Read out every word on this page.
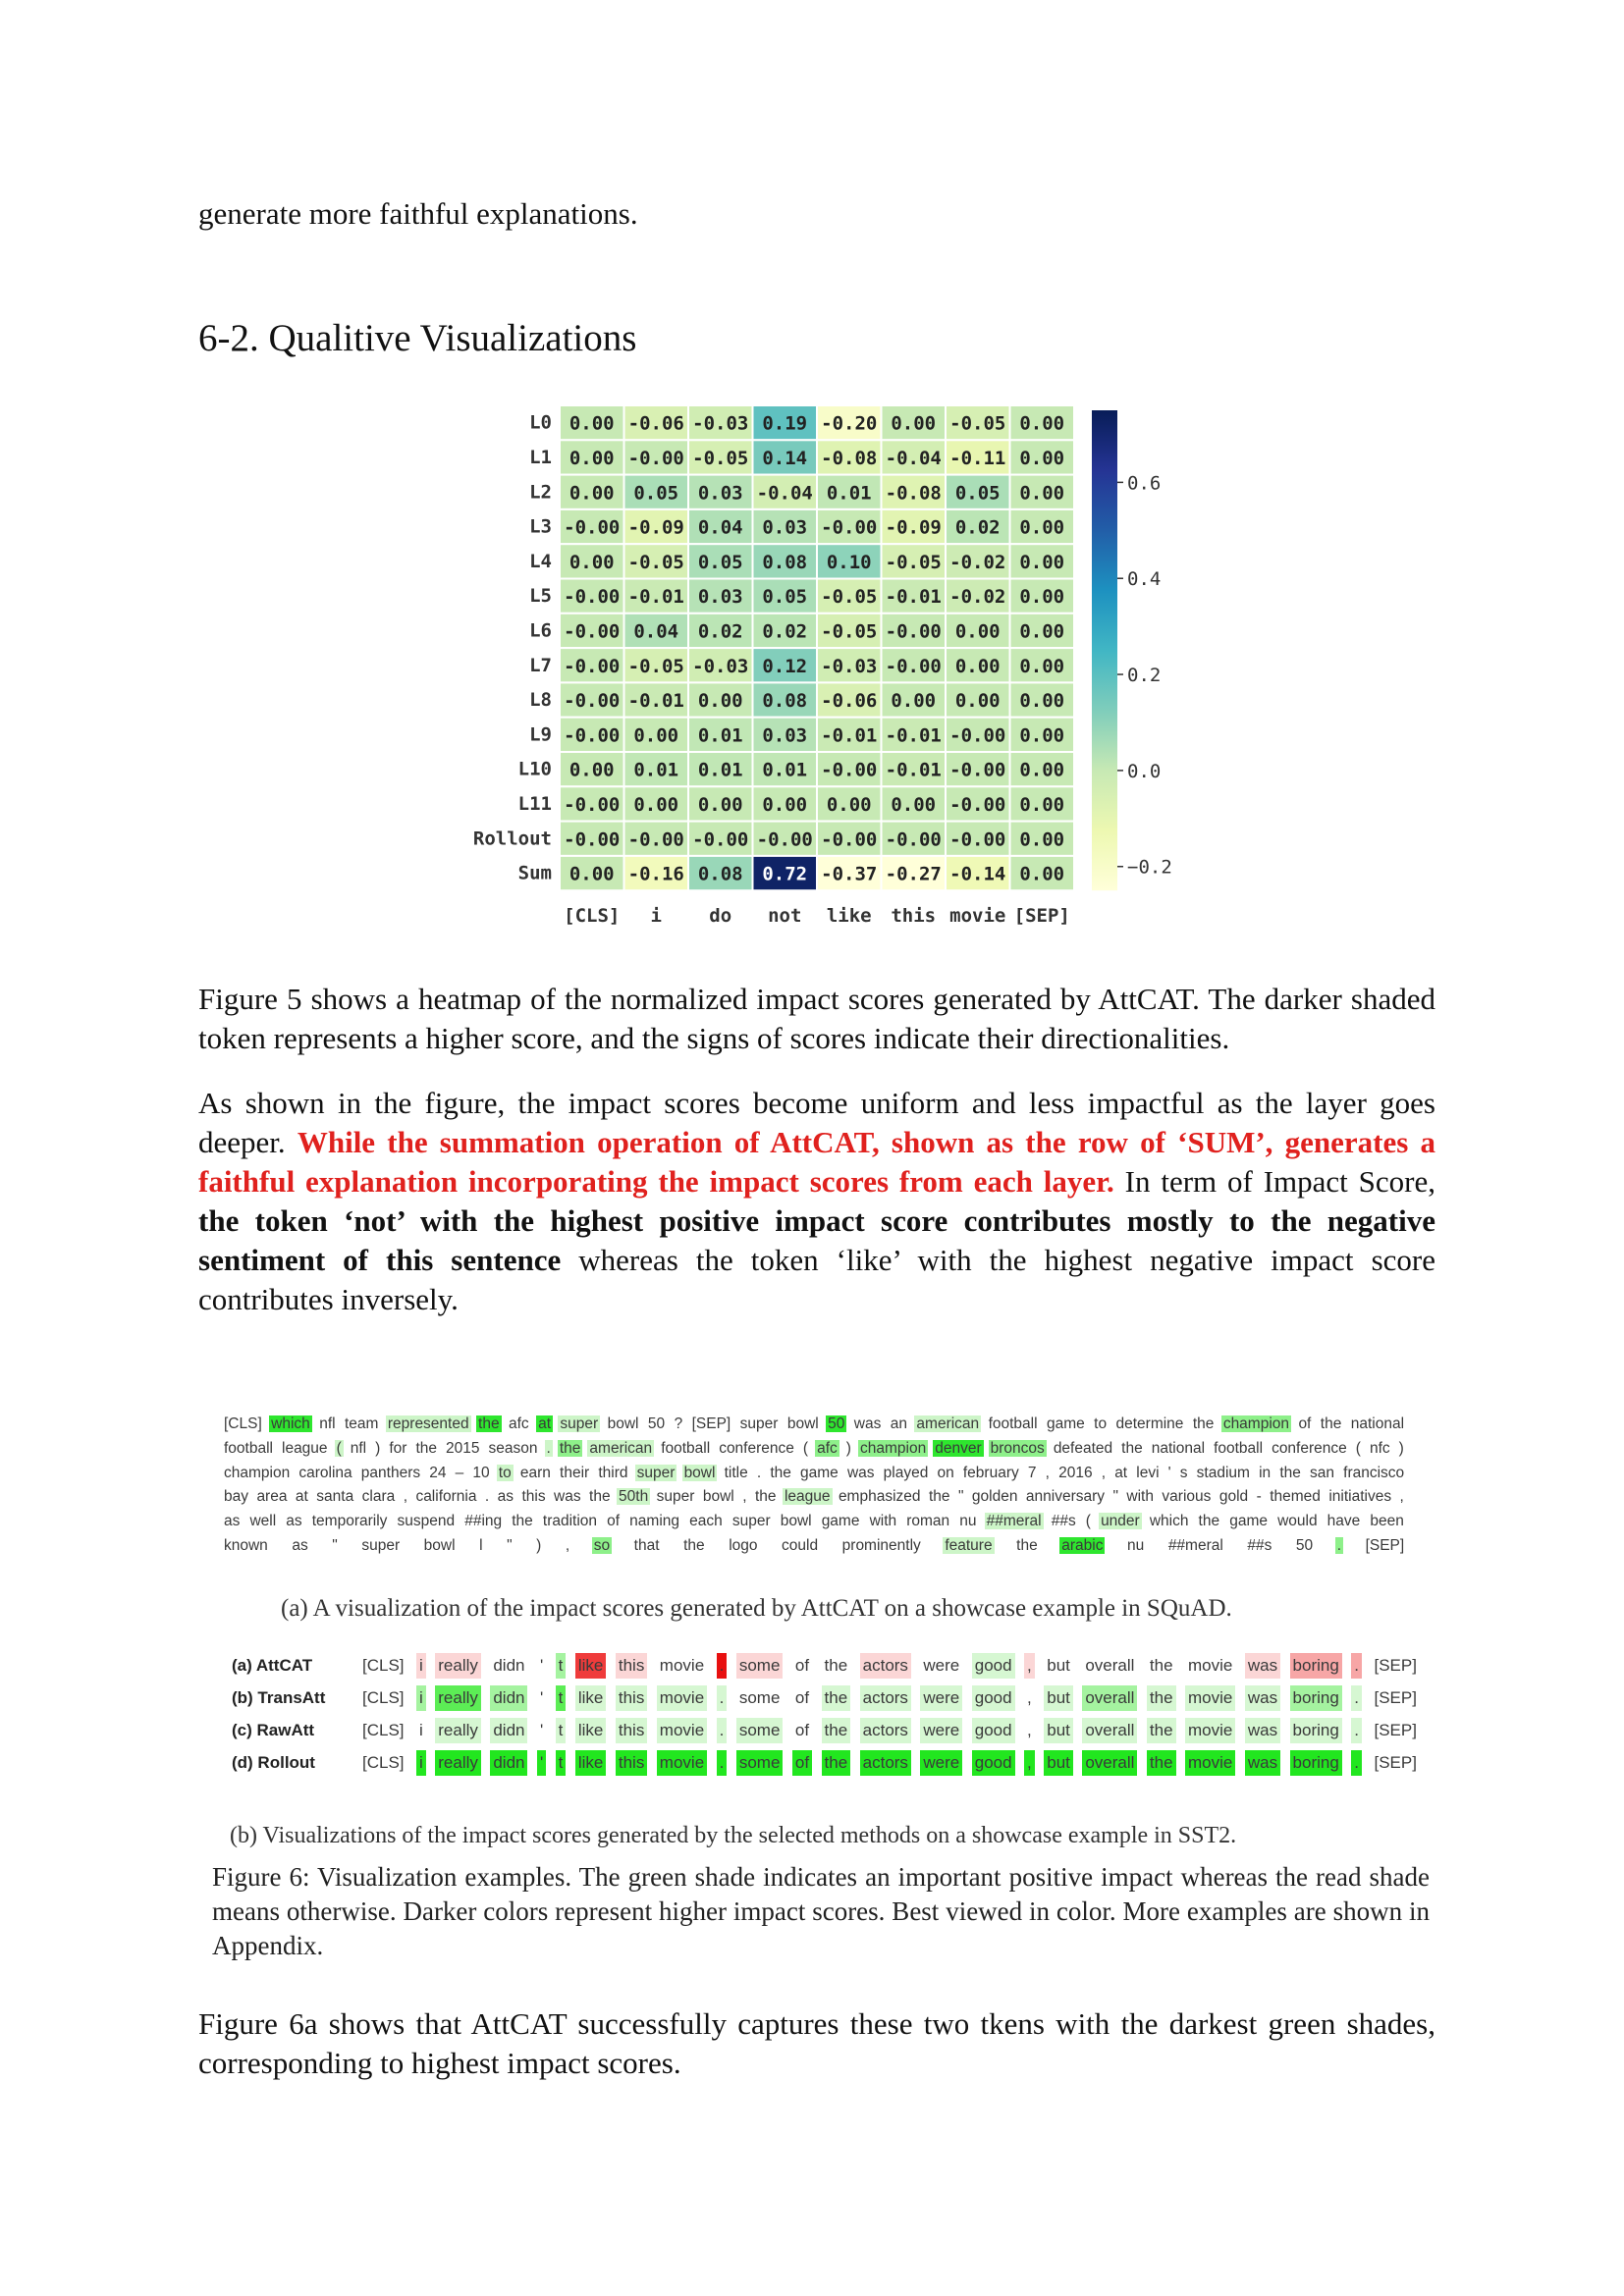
generate more faithful explanations.
6-2. Qualitive Visualizations
L0 0.00 -0.06 -0.03 0.19 -0.20 0.00 -0.05 0.00
L1 0.00 -0.00 -0.05 0.14 -0.08 -0.04 -0.11 0.00
L2 0.00 0.05 0.03 -0.04 0.01 -0.08 0.05 0.00
L3 -0.00 -0.09 0.04 0.03 -0.00 -0.09 0.02 0.00
L4 0.00 -0.05 0.05 0.08 0.10 -0.05 -0.02 0.00
L5 -0.00 -0.01 0.03 0.05 -0.05 -0.01 -0.02 0.00
L6 -0.00 0.04 0.02 0.02 -0.05 -0.00 0.00 0.00
L7 -0.00 -0.05 -0.03 0.12 -0.03 -0.00 0.00 0.00
L8 -0.00 -0.01 0.00 0.08 -0.06 0.00 0.00 0.00
L9 -0.00 0.00 0.01 0.03 -0.01 -0.01 -0.00 0.00
L10 0.00 0.01 0.01 0.01 -0.00 -0.01 -0.00 0.00
L11 -0.00 0.00 0.00 0.00 0.00 0.00 -0.00 0.00
Rollout -0.00 -0.00 -0.00 -0.00 -0.00 -0.00 -0.00 0.00
Sum 0.00 -0.16 0.08 0.72 -0.37 -0.27 -0.14 0.00
[CLS] i	do not like this movie [SEP]
0.6
0.4
0.2
0.0
−0.2
Figure 5 shows a heatmap of the normalized impact scores generated by AttCAT. The darker shaded token represents a higher score, and the signs of scores indicate their directionalities.
As shown in the figure, the impact scores become uniform and less impactful as the layer goes deeper. While the summation operation of AttCAT, shown as the row of ‘SUM’, generates a faithful explanation incorporating the impact scores from each layer. In term of Impact Score, the token ‘not’ with the highest positive impact score contributes mostly to the negative sentiment of this sentence whereas the token ‘like’ with the highest negative impact score contributes inversely.
[CLS] which nfl team represented the afc at super bowl 50 ? [SEP] super bowl 50 was an american football game to determine the champion of the national football league ( nfl ) for the 2015 season . the american football conference ( afc ) champion denver broncos defeated the national football conference ( nfc ) champion carolina panthers 24 – 10 to earn their third super bowl title . the game was played on february 7 , 2016 , at levi ' s stadium in the san francisco bay area at santa clara , california . as this was the 50th super bowl , the league emphasized the " golden anniversary " with various gold - themed initiatives , as well as temporarily suspend ##ing the tradition of naming each super bowl game with roman nu ##meral ##s ( under which the game would have been known as " super bowl l " ) , so that the logo could prominently feature the arabic nu ##meral ##s 50 . [SEP]
(a) A visualization of the impact scores generated by AttCAT on a showcase example in SQuAD.
(a) AttCAT	[CLS] i really didn ' t like this movie . some of the actors were good , but overall the movie was boring . [SEP]
(b) TransAtt	[CLS] i really didn ' t like this movie . some of the actors were good , but overall the movie was boring . [SEP]
(c) RawAtt	[CLS] i really didn ' t like this movie . some of the actors were good , but overall the movie was boring . [SEP]
(d) Rollout	[CLS] i really didn ' t like this movie . some of the actors were good , but overall the movie was boring . [SEP]
(b) Visualizations of the impact scores generated by the selected methods on a showcase example in SST2.
Figure 6: Visualization examples. The green shade indicates an important positive impact whereas the read shade means otherwise. Darker colors represent higher impact scores. Best viewed in color. More examples are shown in Appendix.
Figure 6a shows that AttCAT successfully captures these two tkens with the darkest green shades, corresponding to highest impact scores.
